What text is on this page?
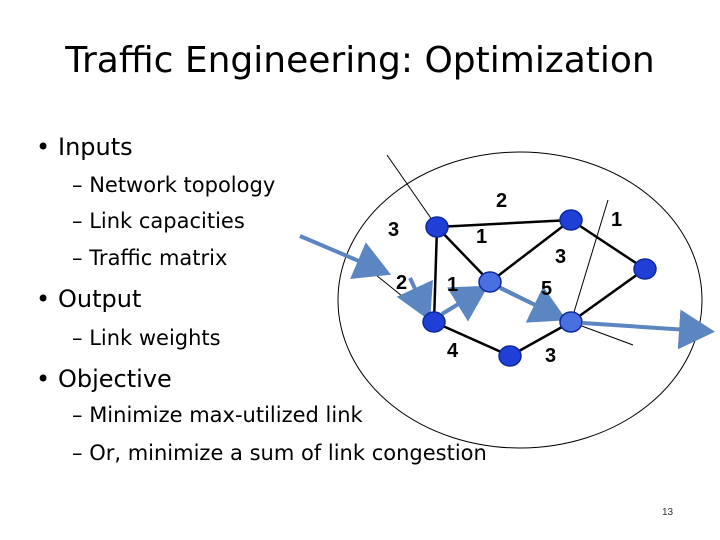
Traffic Engineering: Optimization
• Inputs
– Network topology
– Link capacities
– Traffic matrix
• Output
– Link weights
• Objective
– Minimize max-utilized link
– Or, minimize a sum of link congestion
2
3	1
1
2 1
3
5
4	3
13
